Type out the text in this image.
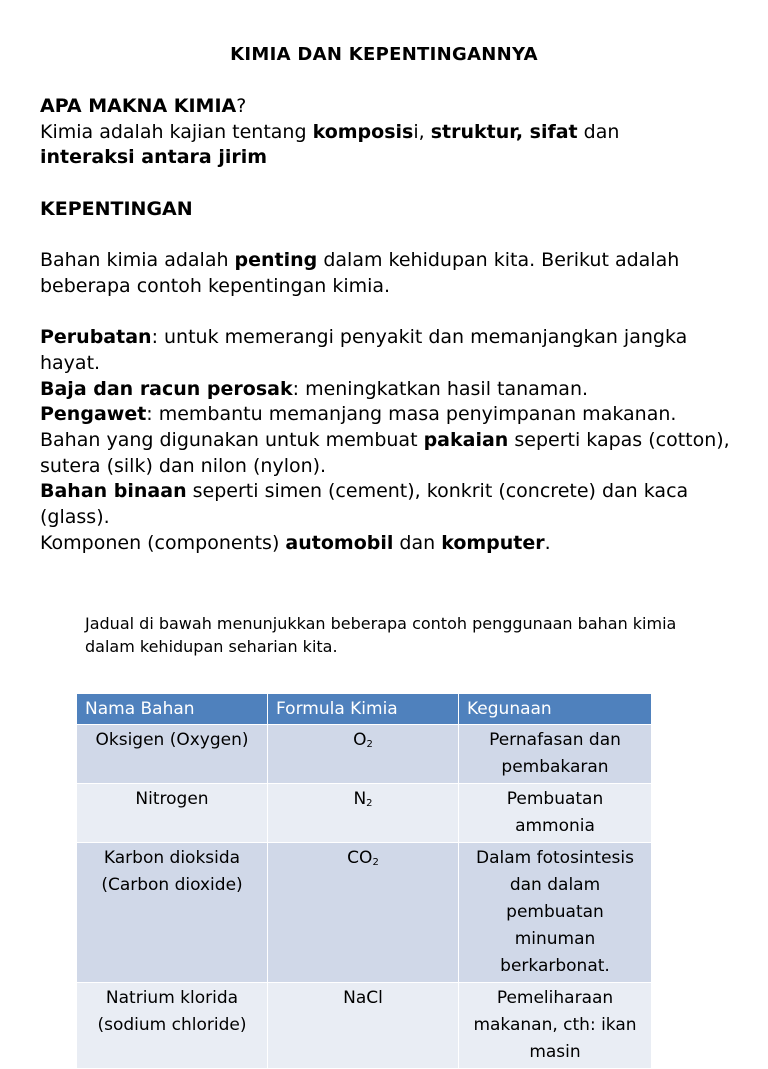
KIMIA DAN KEPENTINGANNYA

APA MAKNA KIMIA?

Kimia adalah kajian tentang komposisi, struktur, sifat dan
interaksi antara jirim

KEPENTINGAN

Bahan kimia adalah penting dalam kehidupan kita. Berikut adalah beberapa contoh kepentingan kimia.

Perubatan: untuk memerangi penyakit dan memanjangkan jangka hayat.

Baja dan racun perosak: meningkatkan hasil tanaman.

Pengawet: membantu memanjang masa penyimpanan makanan.

Bahan yang digunakan untuk membuat pakaian seperti kapas (cotton), sutera (silk) dan nilon (nylon).

Bahan binaan seperti simen (cement), konkrit (concrete) dan kaca (glass).

Komponen (components) automobil dan komputer.

Jadual di bawah menunjukkan beberapa contoh penggunaan bahan kimia dalam kehidupan seharian kita.
Nama Bahan	Formula Kimia	Kegunaan
Oksigen (Oxygen)	$O_2$	Pernafasan dan pembakaran
Nitrogen	$N_2$	Pembuatan ammonia
Karbon dioksida (Carbon dioxide)	$CO_2$	Dalam fotosintesis dan dalam pembuatan minuman berkarbonat.
Natrium klorida (sodium chloride)	NaCl	Pemeliharaan makanan, cth: ikan masin
